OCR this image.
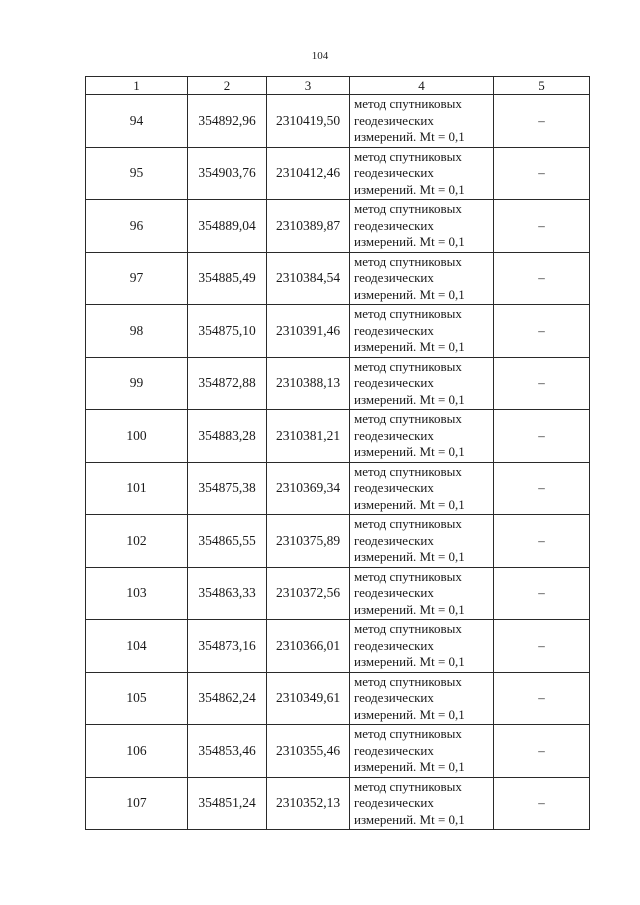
104
1	2	3	4	5
94	354892,96	2310419,50	метод спутниковых
геодезических
измерений. Mt = 0,1	–
95	354903,76	2310412,46	метод спутниковых
геодезических
измерений. Mt = 0,1	–
96	354889,04	2310389,87	метод спутниковых
геодезических
измерений. Mt = 0,1	–
97	354885,49	2310384,54	метод спутниковых
геодезических
измерений. Mt = 0,1	–
98	354875,10	2310391,46	метод спутниковых
геодезических
измерений. Mt = 0,1	–
99	354872,88	2310388,13	метод спутниковых
геодезических
измерений. Mt = 0,1	–
100	354883,28	2310381,21	метод спутниковых
геодезических
измерений. Mt = 0,1	–
101	354875,38	2310369,34	метод спутниковых
геодезических
измерений. Mt = 0,1	–
102	354865,55	2310375,89	метод спутниковых
геодезических
измерений. Mt = 0,1	–
103	354863,33	2310372,56	метод спутниковых
геодезических
измерений. Mt = 0,1	–
104	354873,16	2310366,01	метод спутниковых
геодезических
измерений. Mt = 0,1	–
105	354862,24	2310349,61	метод спутниковых
геодезических
измерений. Mt = 0,1	–
106	354853,46	2310355,46	метод спутниковых
геодезических
измерений. Mt = 0,1	–
107	354851,24	2310352,13	метод спутниковых
геодезических
измерений. Mt = 0,1	–
